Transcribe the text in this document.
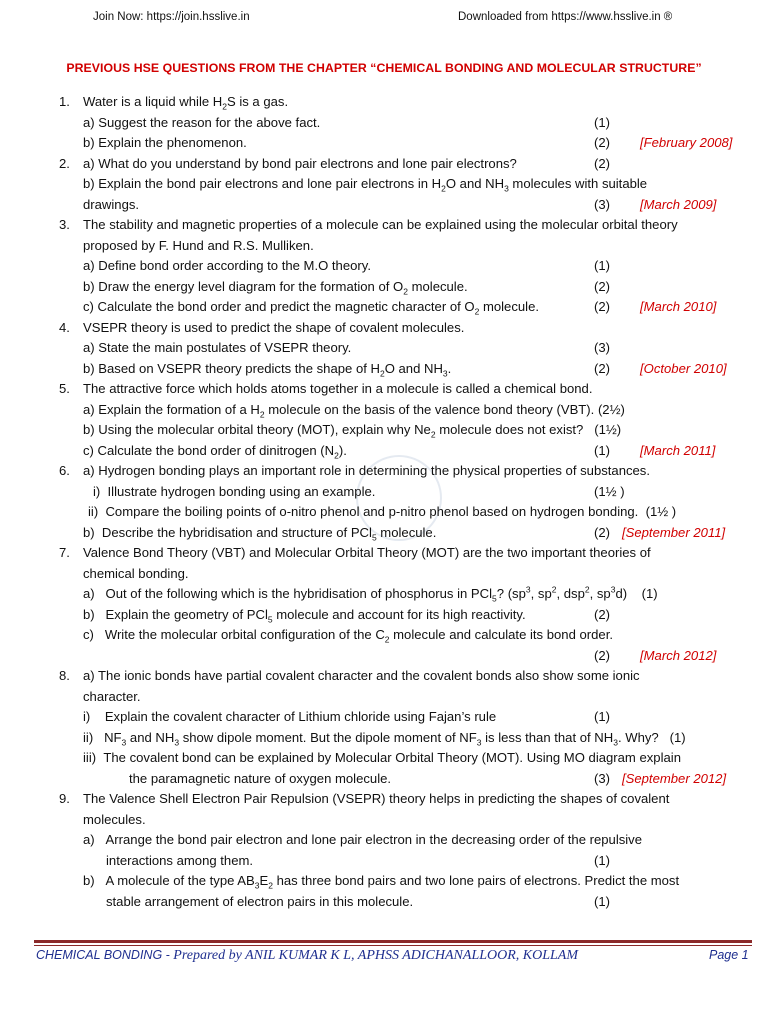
Join Now: https://join.hsslive.in	Downloaded from https://www.hsslive.in ®
PREVIOUS HSE QUESTIONS FROM THE CHAPTER “CHEMICAL BONDING AND MOLECULAR STRUCTURE”
1. Water is a liquid while $H_2S$ is a gas.
a) Suggest the reason for the above fact.	(1)
b) Explain the phenomenon.	(2) [February 2008]
2. a) What do you understand by bond pair electrons and lone pair electrons?	(2)
b) Explain the bond pair electrons and lone pair electrons in $H_2O$ and $NH_3$ molecules with suitable
drawings.	(3) [March 2009]
3. The stability and magnetic properties of a molecule can be explained using the molecular orbital theory
proposed by F. Hund and R.S. Mulliken.
a) Define bond order according to the M.O theory.	(1)
b) Draw the energy level diagram for the formation of $O_2$ molecule.	(2)
c) Calculate the bond order and predict the magnetic character of $O_2$ molecule.	(2) [March 2010]
4. VSEPR theory is used to predict the shape of covalent molecules.
a) State the main postulates of VSEPR theory.	(3)
b) Based on VSEPR theory predicts the shape of $H_2O$ and $NH_3$.	(2) [October 2010]
5. The attractive force which holds atoms together in a molecule is called a chemical bond.
a) Explain the formation of a $H_2$ molecule on the basis of the valence bond theory (VBT). (2½)
b) Using the molecular orbital theory (MOT), explain why $Ne_2$ molecule does not exist?   (1½)
c) Calculate the bond order of dinitrogen $(N_2)$.	(1) [March 2011]
6. a) Hydrogen bonding plays an important role in determining the physical properties of substances.
i)  Illustrate hydrogen bonding using an example.	(1½ )
ii)  Compare the boiling points of o-nitro phenol and p-nitro phenol based on hydrogen bonding.  (1½ )
b)  Describe the hybridisation and structure of PCl$_5$ molecule.	(2) [September 2011]
7. Valence Bond Theory (VBT) and Molecular Orbital Theory (MOT) are the two important theories of
chemical bonding.
a)   Out of the following which is the hybridisation of phosphorus in PCl$_5$? ($sp^3$, $sp^2$, dsp$^2$, $sp^3d$)    (1)
b)   Explain the geometry of PCl$_5$ molecule and account for its high reactivity.	(2)
c)   Write the molecular orbital configuration of the $C_2$ molecule and calculate its bond order.
(2) [March 2012]
8. a) The ionic bonds have partial covalent character and the covalent bonds also show some ionic
character.
i)    Explain the covalent character of Lithium chloride using Fajan’s rule	(1)
ii)   $NF_3$ and $NH_3$ show dipole moment. But the dipole moment of $NF_3$ is less than that of $NH_3$. Why?   (1)
iii)  The covalent bond can be explained by Molecular Orbital Theory (MOT). Using MO diagram explain
the paramagnetic nature of oxygen molecule.	(3) [September 2012]
9. The Valence Shell Electron Pair Repulsion (VSEPR) theory helps in predicting the shapes of covalent
molecules.
a)   Arrange the bond pair electron and lone pair electron in the decreasing order of the repulsive
interactions among them.	(1)
b)   A molecule of the type $AB_3E_2$ has three bond pairs and two lone pairs of electrons. Predict the most
stable arrangement of electron pairs in this molecule.	(1)
CHEMICAL BONDING - Prepared by ANIL KUMAR K L, APHSS ADICHANALLOOR, KOLLAM	Page 1
